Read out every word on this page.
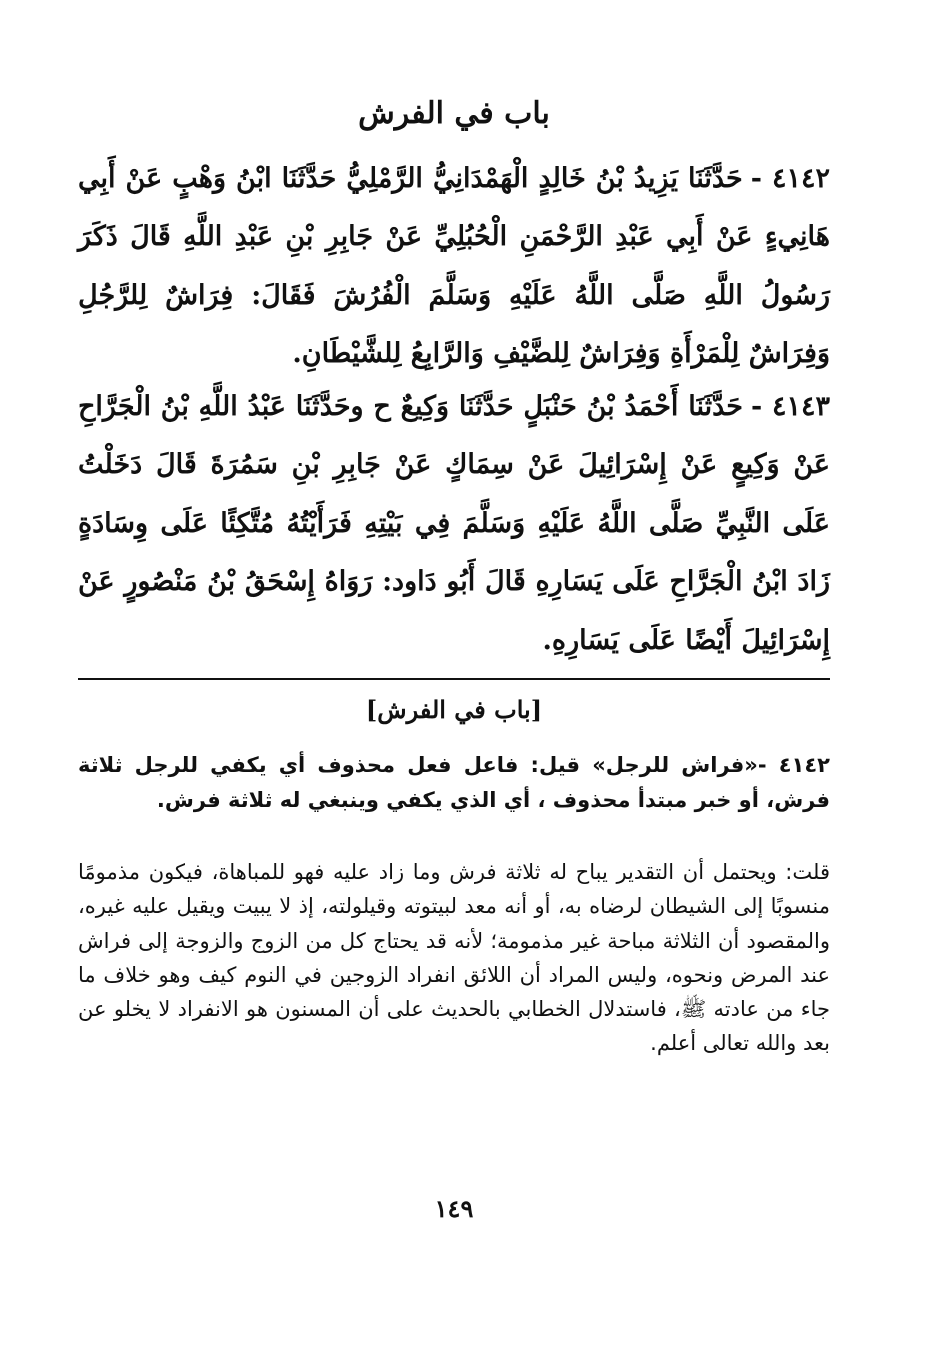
باب في الفرش

٤١٤٢ -حَدَّثَنَا يَزِيدُ بْنُ خَالِدٍ الْهَمْدَانِيُّ الرَّمْلِيُّ حَدَّثَنَا ابْنُ وَهْبٍ عَنْ أَبِي هَانِيءٍ عَنْ أَبِي عَبْدِ الرَّحْمَنِ الْحُبُلِيِّ عَنْ جَابِرِ بْنِ عَبْدِ اللَّهِ قَالَ ذَكَرَ رَسُولُ اللَّهِ صَلَّى اللَّهُ عَلَيْهِ وَسَلَّمَ الْفُرُشَ فَقَالَ: فِرَاشٌ لِلرَّجُلِ وَفِرَاشٌ لِلْمَرْأَةِ وَفِرَاشٌ لِلضَّيْفِ وَالرَّابِعُ لِلشَّيْطَانِ.

٤١٤٣ -حَدَّثَنَا أَحْمَدُ بْنُ حَنْبَلٍ حَدَّثَنَا وَكِيعٌ ح وحَدَّثَنَا عَبْدُ اللَّهِ بْنُ الْجَرَّاحِ عَنْ وَكِيعٍ عَنْ إِسْرَائِيلَ عَنْ سِمَاكٍ عَنْ جَابِرِ بْنِ سَمُرَةَ قَالَ دَخَلْتُ عَلَى النَّبِيِّ صَلَّى اللَّهُ عَلَيْهِ وَسَلَّمَ فِي بَيْتِهِ فَرَأَيْتُهُ مُتَّكِئًا عَلَى وِسَادَةٍ زَادَ ابْنُ الْجَرَّاحِ عَلَى يَسَارِهِ قَالَ أَبُو دَاود: رَوَاهُ إِسْحَقُ بْنُ مَنْصُورٍ عَنْ إِسْرَائِيلَ أَيْضًا عَلَى يَسَارِهِ.

[باب في الفرش]

٤١٤٢ -«فراش للرجل» قيل: فاعل فعل محذوف أي يكفي للرجل ثلاثة فرش، أو خبر مبتدأ محذوف ، أي الذي يكفي وينبغي له ثلاثة فرش.

قلت: ويحتمل أن التقدير يباح له ثلاثة فرش وما زاد عليه فهو للمباهاة، فيكون مذمومًا منسوبًا إلى الشيطان لرضاه به، أو أنه معد لبيتوته وقيلولته، إذ لا يبيت ويقيل عليه غيره، والمقصود أن الثلاثة مباحة غير مذمومة؛ لأنه قد يحتاج كل من الزوج والزوجة إلى فراش عند المرض ونحوه، وليس المراد أن اللائق انفراد الزوجين في النوم كيف وهو خلاف ما جاء من عادته ﷺ، فاستدلال الخطابي بالحديث على أن المسنون هو الانفراد لا يخلو عن بعد والله تعالى أعلم.

١٤٩
